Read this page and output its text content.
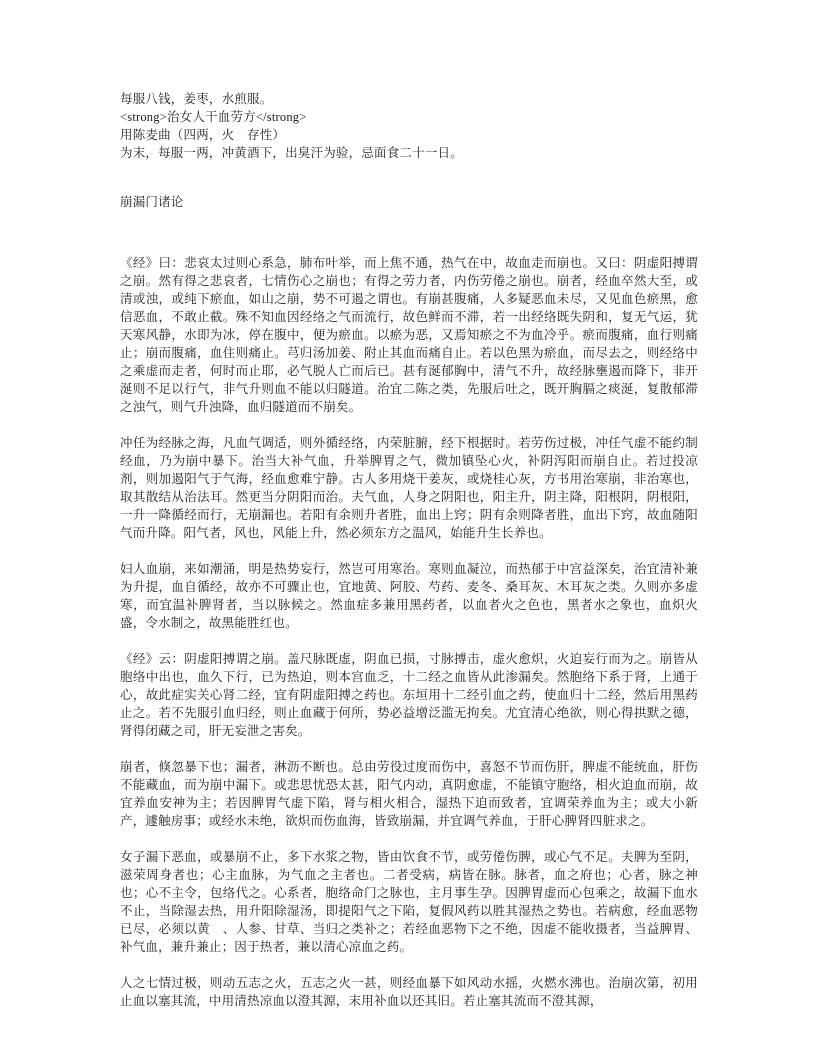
每服八钱，姜枣，水煎服。
<strong>治女人干血劳方</strong>
用陈麦曲（四两，火　存性）
为末，每服一两，冲黄酒下，出臭汗为验，忌面食二十一日。
崩漏门诸论

《经》曰：悲哀太过则心系急，肺布叶举，而上焦不通，热气在中，故血走而崩也。又曰：阴虚阳搏谓之崩。然有得之悲哀者，七情伤心之崩也；有得之劳力者，内伤劳倦之崩也。崩者，经血卒然大至，或清或浊，或纯下瘀血，如山之崩，势不可遏之谓也。有崩甚腹痛，人多疑恶血未尽，又见血色瘀黑，愈信恶血，不敢止截。殊不知血因经络之气而流行，故色鲜而不滞，若一出经络既失阴和，复无气运，犹天寒风静，水即为冰，停在腹中，便为瘀血。以瘀为恶，又焉知瘀之不为血冷乎。瘀而腹痛，血行则痛止；崩而腹痛，血住则痛止。芎归汤加姜、附止其血而痛自止。若以色黑为瘀血，而尽去之，则经络中之乘虚而走者，何时而止耶，必气脱人亡而后已。甚有涎郁胸中，清气不升，故经脉壅遏而降下，非开涎则不足以行气，非气升则血不能以归隧道。治宜二陈之类，先服后吐之，既开胸膈之痰涎，复散郁滞之浊气，则气升浊降，血归隧道而不崩矣。

冲任为经脉之海，凡血气调适，则外循经络，内荣脏腑，经下根据时。若劳伤过极，冲任气虚不能约制经血，乃为崩中暴下。治当大补气血，升举脾胃之气，微加镇坠心火，补阴泻阳而崩自止。若过投凉剂，则加遏阳气于气海，经血愈难宁静。古人多用烧干姜灰，或烧桂心灰，方书用治寒崩，非治寒也，取其散结从治法耳。然更当分阴阳而治。夫气血，人身之阴阳也，阳主升，阴主降，阳根阴，阴根阳，一升一降循经而行，无崩漏也。若阳有余则升者胜，血出上窍；阴有余则降者胜，血出下窍，故血随阳气而升降。阳气者，风也，风能上升，然必须东方之温风，始能升生长养也。

妇人血崩，来如潮涌，明是热势妄行，然岂可用寒治。寒则血凝泣，而热郁于中宫益深矣，治宜清补兼为升提，血自循经，故亦不可骤止也，宜地黄、阿胶、芍药、麦冬、桑耳灰、木耳灰之类。久则亦多虚寒，而宜温补脾肾者，当以脉候之。然血症多兼用黑药者，以血者火之色也，黑者水之象也，血炽火盛，令水制之，故黑能胜红也。

《经》云：阴虚阳搏谓之崩。盖尺脉既虚，阴血已损，寸脉搏击，虚火愈炽，火迫妄行而为之。崩皆从胞络中出也，血久下行，已为热迫，则本宫血乏，十二经之血皆从此渗漏矣。然胞络下系于肾，上通于心，故此症实关心肾二经，宜有阴虚阳搏之药也。东垣用十二经引血之药，使血归十二经，然后用黑药止之。若不先服引血归经，则止血藏于何所，势必益增泛滥无拘矣。尤宜清心绝欲，则心得拱默之德，肾得闭藏之司，肝无妄泄之害矣。

崩者，倏忽暴下也；漏者，淋沥不断也。总由劳役过度而伤中，喜怒不节而伤肝，脾虚不能统血，肝伤不能藏血，而为崩中漏下。或悲思忧恐太甚，阳气内动，真阴愈虚，不能镇守胞络，相火迫血而崩，故宜养血安神为主；若因脾胃气虚下陷，肾与相火相合，湿热下迫而致者，宜调荣养血为主；或大小新产，遽触房事；或经水未绝，欲炽而伤血海，皆致崩漏，并宜调气养血，于肝心脾肾四脏求之。

女子漏下恶血，或暴崩不止，多下水浆之物，皆由饮食不节，或劳倦伤脾，或心气不足。夫脾为至阴，滋荣周身者也；心主血脉，为气血之主者也。二者受病，病皆在脉。脉者，血之府也；心者，脉之神也；心不主令，包络代之。心系者，胞络命门之脉也，主月事生孕。因脾胃虚而心包乘之，故漏下血水不止，当除湿去热，用升阳除湿汤，即提阳气之下陷，复假风药以胜其湿热之势也。若病愈，经血恶物已尽，必须以黄　、人参、甘草、当归之类补之；若经血恶物下之不绝，因虚不能收摄者，当益脾胃、补气血，兼升兼止；因于热者，兼以清心凉血之药。

人之七情过极，则动五志之火，五志之火一甚，则经血暴下如风动水摇，火燃水沸也。治崩次第，初用止血以塞其流，中用清热凉血以澄其源，末用补血以还其旧。若止塞其流而不澄其源，
